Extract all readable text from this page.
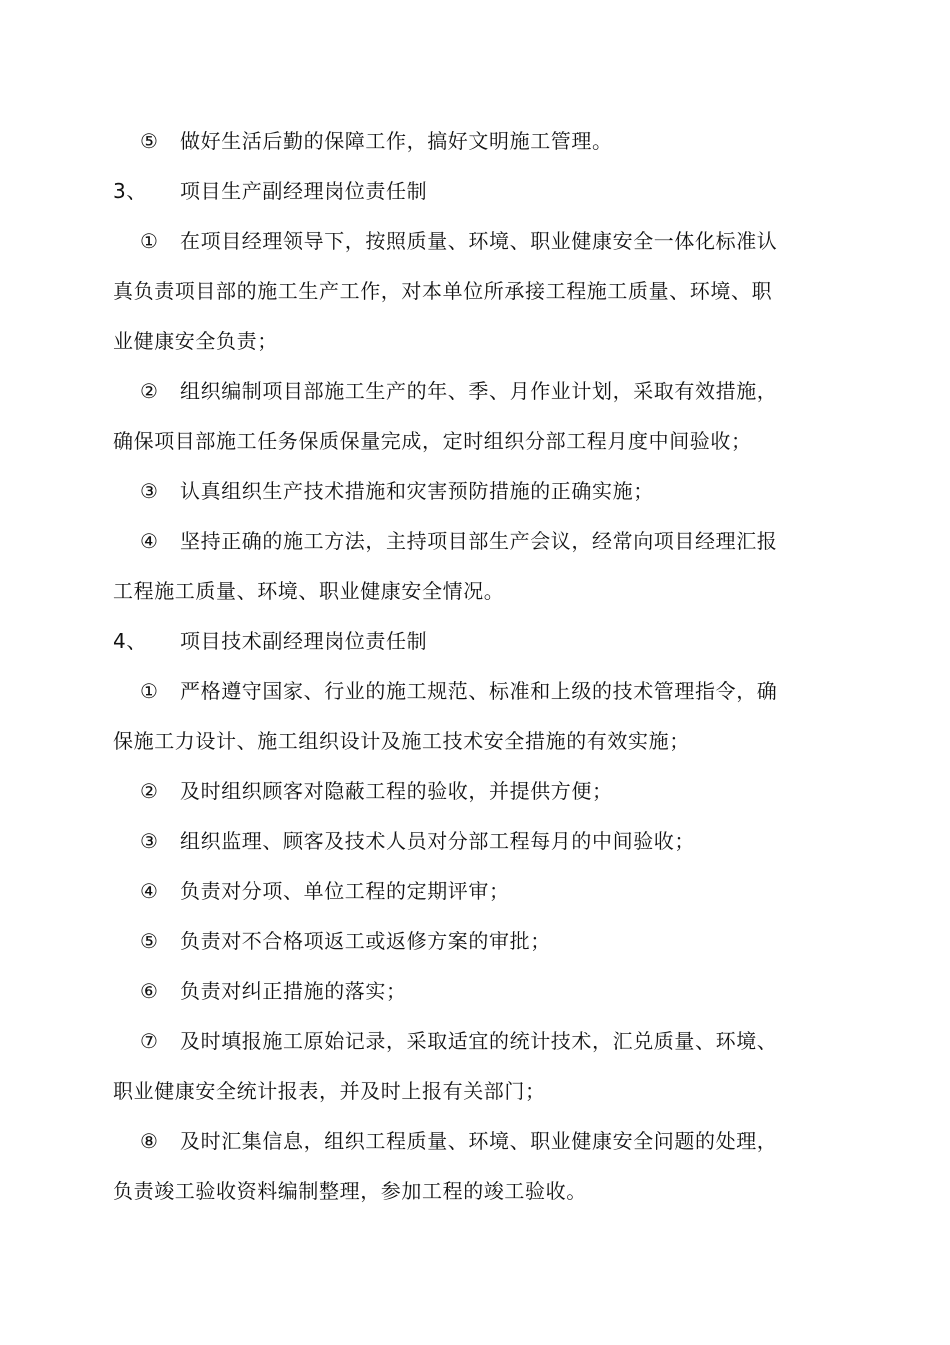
⑤ 做好生活后勤的保障工作，搞好文明施工管理。
3、 项目生产副经理岗位责任制
① 在项目经理领导下，按照质量、环境、职业健康安全一体化标准认
真负责项目部的施工生产工作，对本单位所承接工程施工质量、环境、职
业健康安全负责；
② 组织编制项目部施工生产的年、季、月作业计划，采取有效措施，
确保项目部施工任务保质保量完成，定时组织分部工程月度中间验收；
③ 认真组织生产技术措施和灾害预防措施的正确实施；
④ 坚持正确的施工方法，主持项目部生产会议，经常向项目经理汇报
工程施工质量、环境、职业健康安全情况。
4、 项目技术副经理岗位责任制
① 严格遵守国家、行业的施工规范、标准和上级的技术管理指令，确
保施工力设计、施工组织设计及施工技术安全措施的有效实施；
② 及时组织顾客对隐蔽工程的验收，并提供方便；
③ 组织监理、顾客及技术人员对分部工程每月的中间验收；
④ 负责对分项、单位工程的定期评审；
⑤ 负责对不合格项返工或返修方案的审批；
⑥ 负责对纠正措施的落实；
⑦ 及时填报施工原始记录，采取适宜的统计技术，汇兑质量、环境、
职业健康安全统计报表，并及时上报有关部门；
⑧ 及时汇集信息，组织工程质量、环境、职业健康安全问题的处理，
负责竣工验收资料编制整理，参加工程的竣工验收。
